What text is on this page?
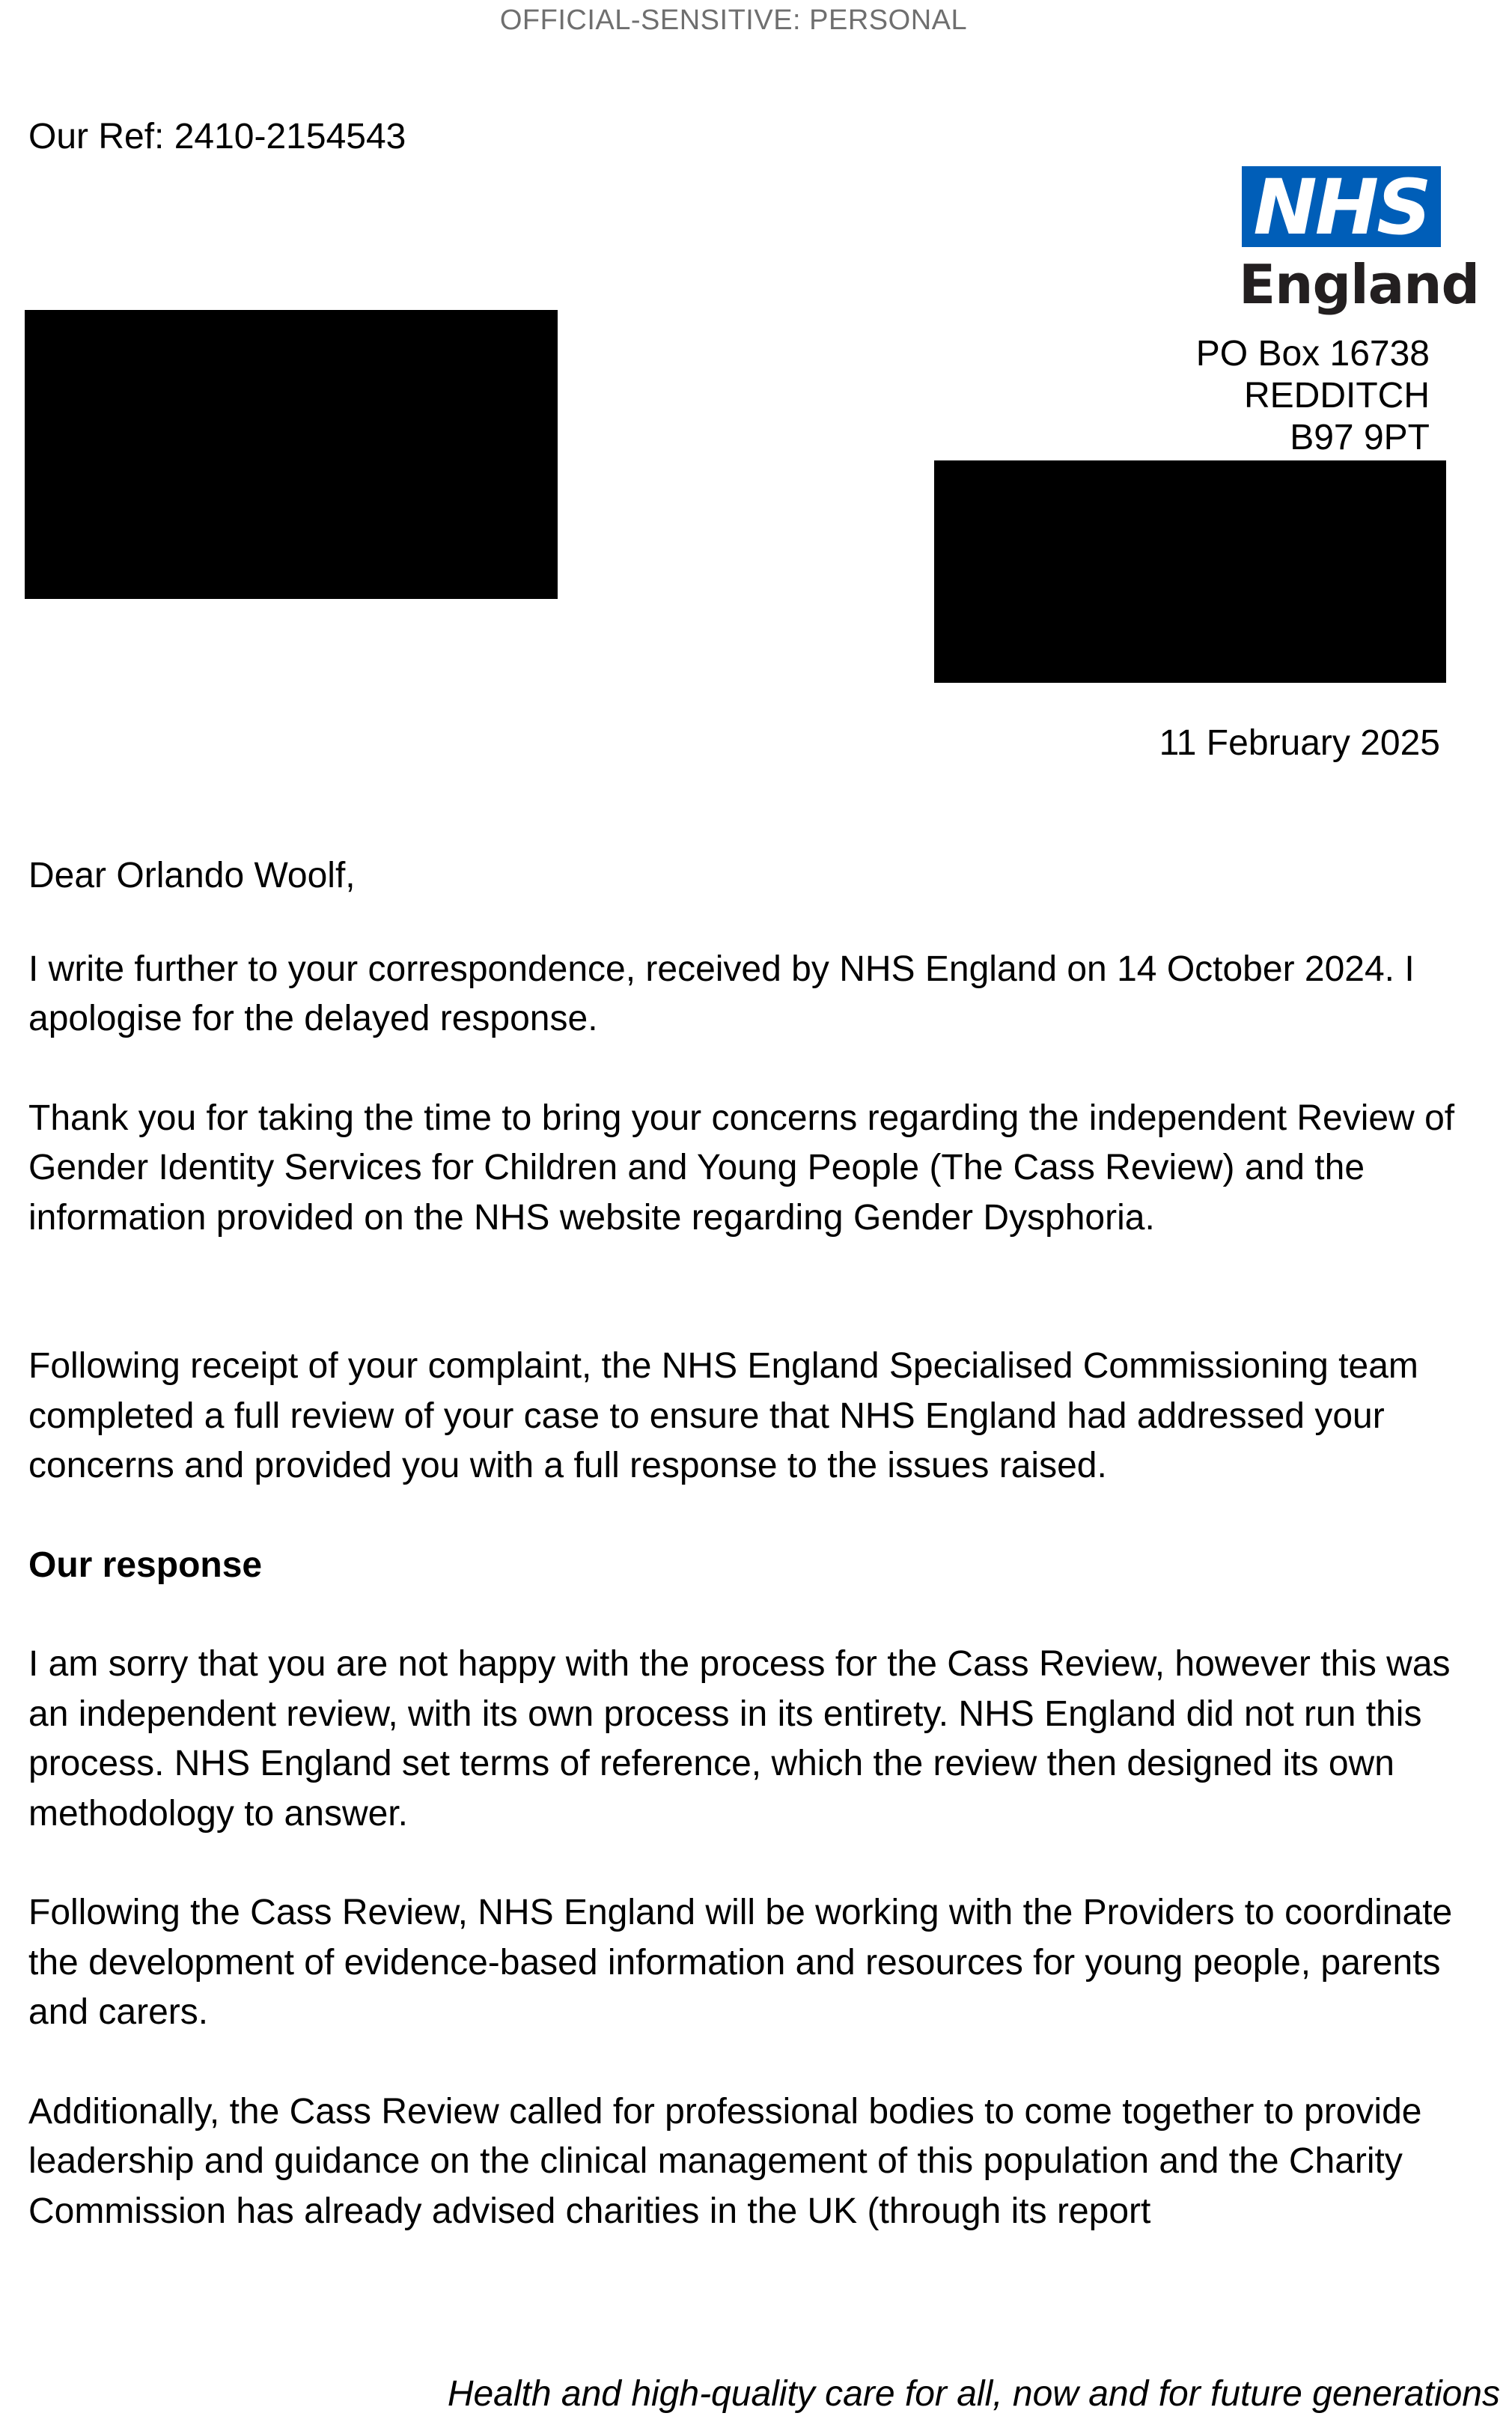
OFFICIAL-SENSITIVE: PERSONAL
Our Ref: 2410-2154543
NHS
England
PO Box 16738
REDDITCH
B97 9PT
11 February 2025

Dear Orlando Woolf,

I write further to your correspondence, received by NHS England on 14 October 2024. I apologise for the delayed response.

Thank you for taking the time to bring your concerns regarding the independent Review of Gender Identity Services for Children and Young People (The Cass Review) and the information provided on the NHS website regarding Gender Dysphoria.

Following receipt of your complaint, the NHS England Specialised Commissioning team completed a full review of your case to ensure that NHS England had addressed your concerns and provided you with a full response to the issues raised.

Our response

I am sorry that you are not happy with the process for the Cass Review, however this was an independent review, with its own process in its entirety. NHS England did not run this process. NHS England set terms of reference, which the review then designed its own methodology to answer.

Following the Cass Review, NHS England will be working with the Providers to coordinate the development of evidence-based information and resources for young people, parents and carers.

Additionally, the Cass Review called for professional bodies to come together to provide leadership and guidance on the clinical management of this population and the Charity Commission has already advised charities in the UK (through its report

Health and high-quality care for all, now and for future generations
